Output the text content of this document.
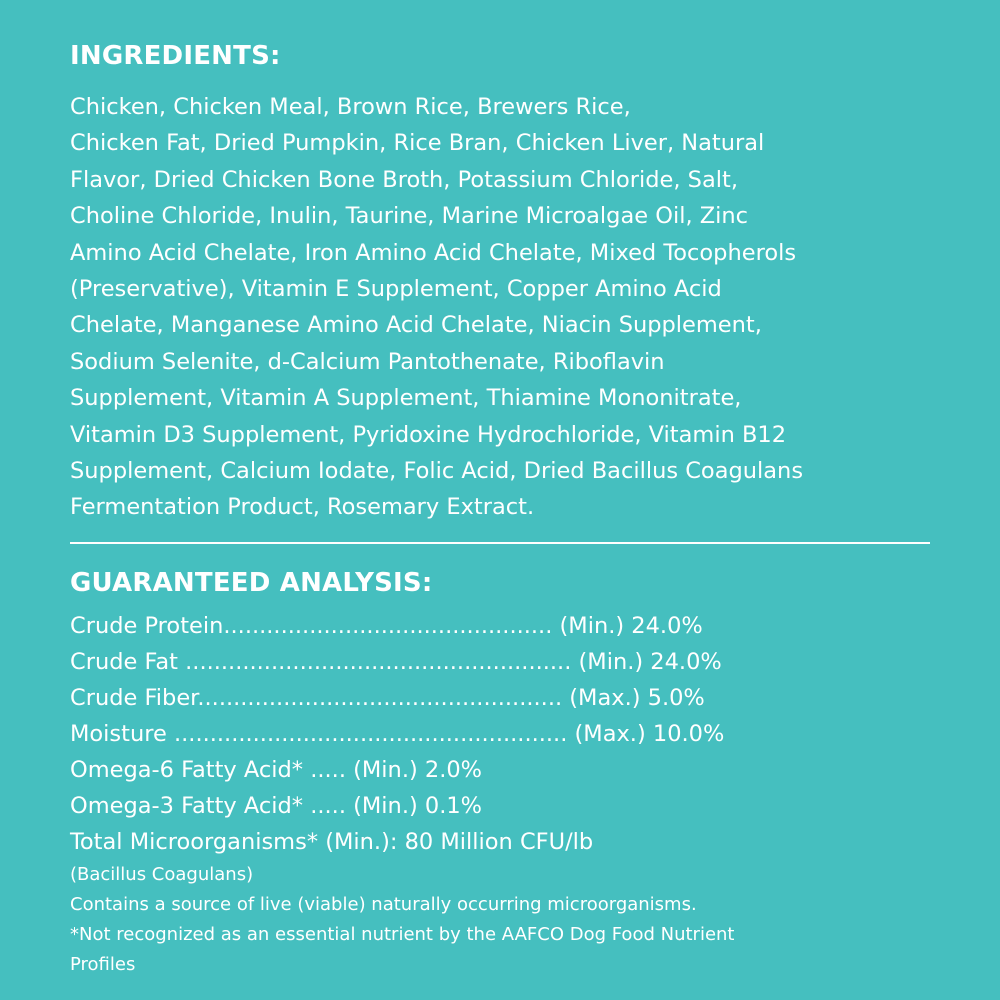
INGREDIENTS:
Chicken, Chicken Meal, Brown Rice, Brewers Rice,
Chicken Fat, Dried Pumpkin, Rice Bran, Chicken Liver, Natural
Flavor, Dried Chicken Bone Broth, Potassium Chloride, Salt,
Choline Chloride, Inulin, Taurine, Marine Microalgae Oil, Zinc
Amino Acid Chelate, Iron Amino Acid Chelate, Mixed Tocopherols
(Preservative), Vitamin E Supplement, Copper Amino Acid
Chelate, Manganese Amino Acid Chelate, Niacin Supplement,
Sodium Selenite, d-Calcium Pantothenate, Riboflavin
Supplement, Vitamin A Supplement, Thiamine Mononitrate,
Vitamin D3 Supplement, Pyridoxine Hydrochloride, Vitamin B12
Supplement, Calcium Iodate, Folic Acid, Dried Bacillus Coagulans
Fermentation Product, Rosemary Extract.
GUARANTEED ANALYSIS:
Crude Protein.............................................. (Min.) 24.0%
Crude Fat ...................................................... (Min.) 24.0%
Crude Fiber................................................... (Max.) 5.0%
Moisture ....................................................... (Max.) 10.0%
Omega-6 Fatty Acid* ..... (Min.) 2.0%
Omega-3 Fatty Acid* ..... (Min.) 0.1%
Total Microorganisms* (Min.): 80 Million CFU/lb
(Bacillus Coagulans)
Contains a source of live (viable) naturally occurring microorganisms.
*Not recognized as an essential nutrient by the AAFCO Dog Food Nutrient
Profiles
